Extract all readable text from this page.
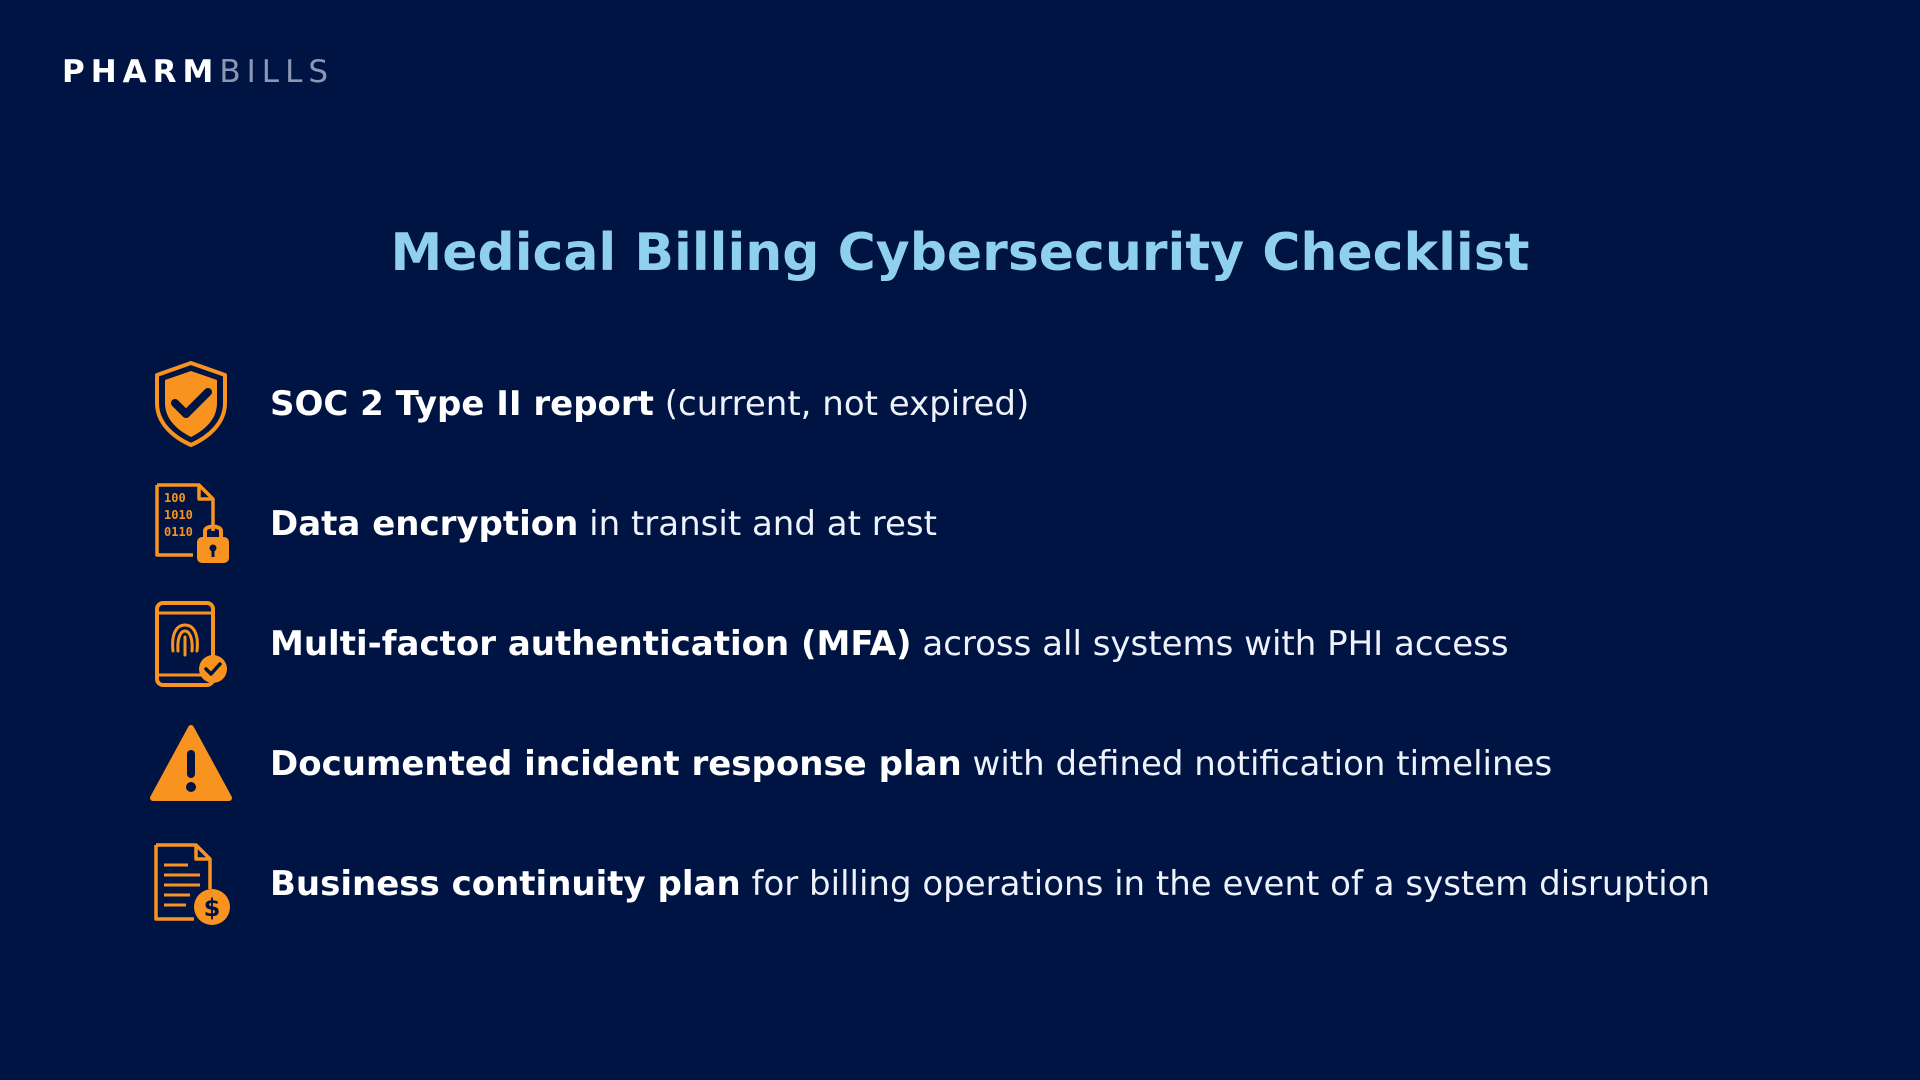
PHARMBILLS
Medical Billing Cybersecurity Checklist
SOC 2 Type II report (current, not expired)
100
1010
0110 Data encryption in transit and at rest
Multi-factor authentication (MFA) across all systems with PHI access
Documented incident response plan with defined notification timelines
$
Business continuity plan for billing operations in the event of a system disruption
